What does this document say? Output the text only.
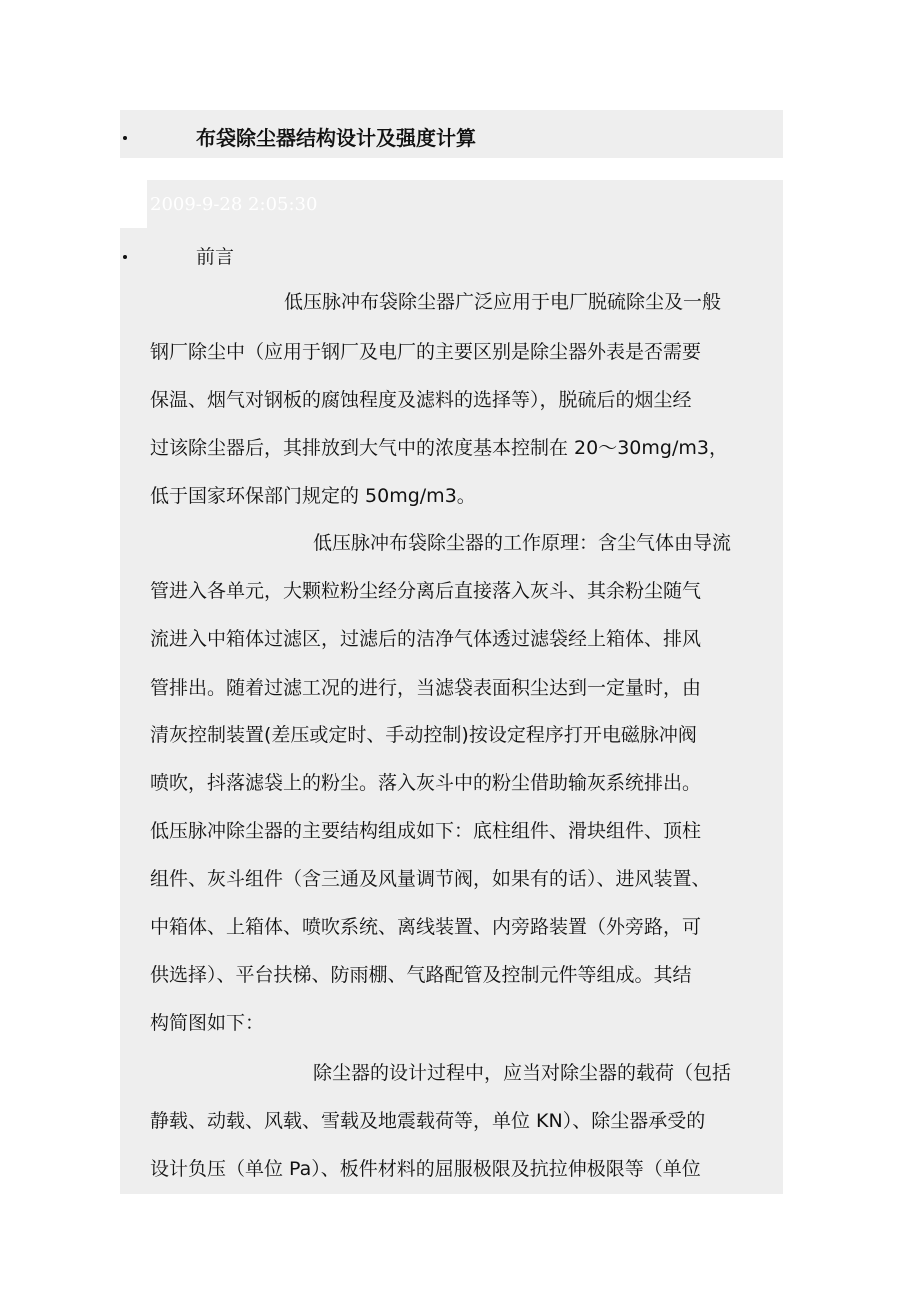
布袋除尘器结构设计及强度计算
2009-9-28 2:05:30
前言
低压脉冲布袋除尘器广泛应用于电厂脱硫除尘及一般
钢厂除尘中（应用于钢厂及电厂的主要区别是除尘器外表是否需要
保温、烟气对钢板的腐蚀程度及滤料的选择等），脱硫后的烟尘经
过该除尘器后，其排放到大气中的浓度基本控制在 20～30mg/m3，
低于国家环保部门规定的 50mg/m3。
低压脉冲布袋除尘器的工作原理：含尘气体由导流
管进入各单元，大颗粒粉尘经分离后直接落入灰斗、其余粉尘随气
流进入中箱体过滤区，过滤后的洁净气体透过滤袋经上箱体、排风
管排出。随着过滤工况的进行，当滤袋表面积尘达到一定量时，由
清灰控制装置(差压或定时、手动控制)按设定程序打开电磁脉冲阀
喷吹，抖落滤袋上的粉尘。落入灰斗中的粉尘借助输灰系统排出。
低压脉冲除尘器的主要结构组成如下：底柱组件、滑块组件、顶柱
组件、灰斗组件（含三通及风量调节阀，如果有的话）、进风装置、
中箱体、上箱体、喷吹系统、离线装置、内旁路装置（外旁路，可
供选择）、平台扶梯、防雨棚、气路配管及控制元件等组成。其结
构简图如下：
除尘器的设计过程中，应当对除尘器的载荷（包括
静载、动载、风载、雪载及地震载荷等，单位 KN）、除尘器承受的
设计负压（单位 Pa）、板件材料的屈服极限及抗拉伸极限等（单位
